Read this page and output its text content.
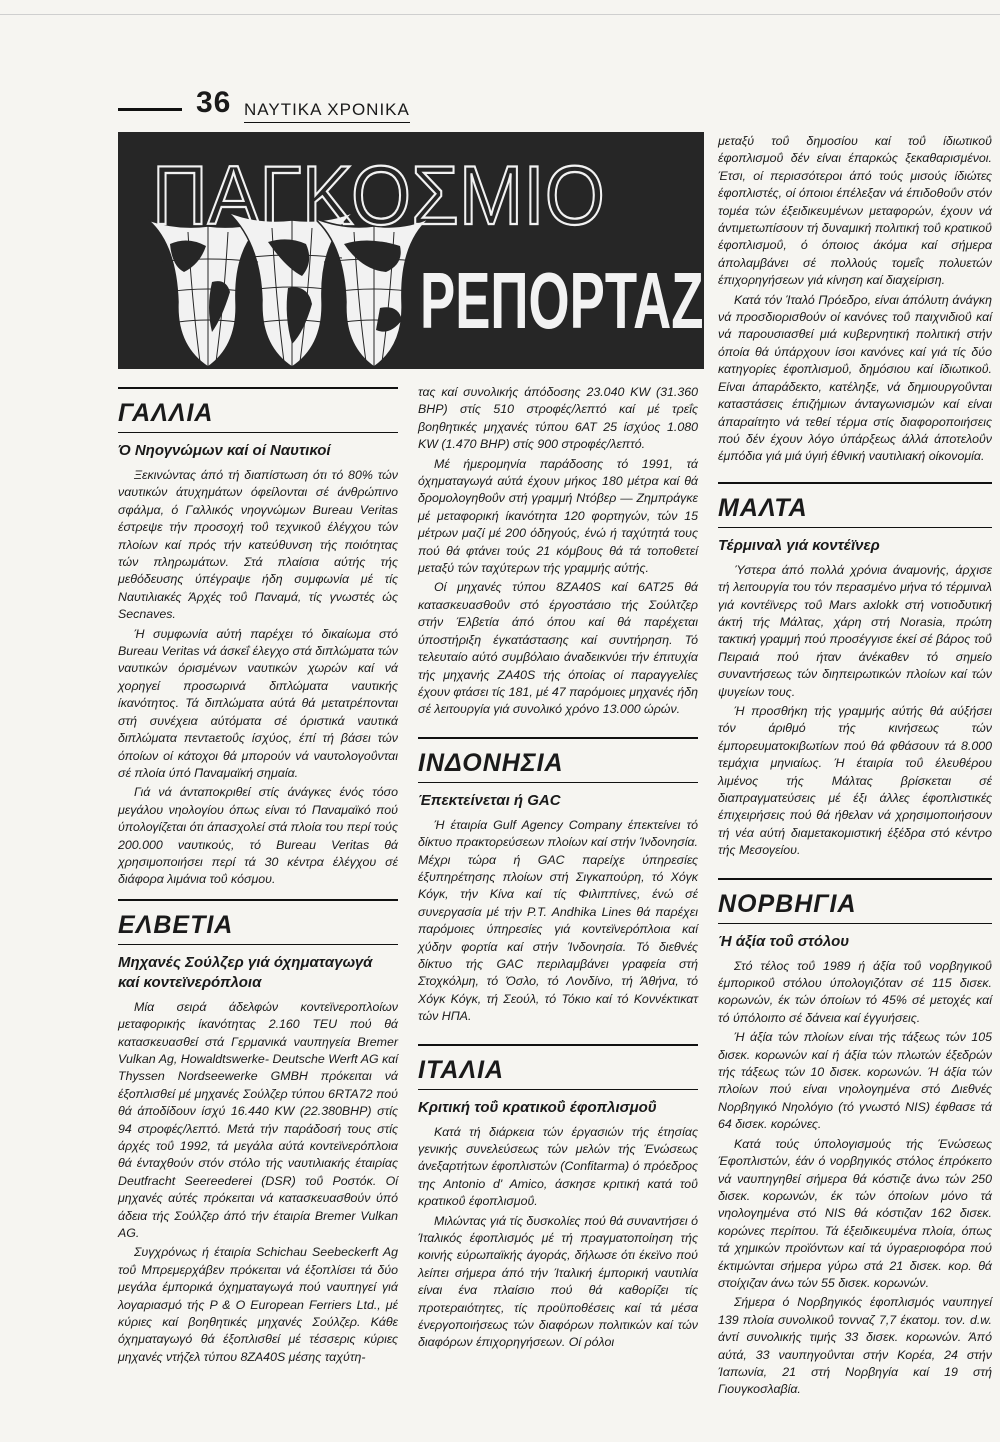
36 ΝΑΥΤΙΚΑ ΧΡΟΝΙΚΑ
ΠΑΓΚΟΣΜΙΟ
ΡΕΠΟΡΤΑΖ
ΓΑΛΛΙΑ
Ό Νηογνώμων καί οί Ναυτικοί

Ξεκινώντας άπό τή διαπίστωση ότι τό 80% τών ναυτικών άτυχημάτων όφείλονται σέ άνθρώπινο σφάλμα, ό Γαλλικός νηογνώμων Bureau Veritas έστρεψε τήν προσοχή τοΰ τεχνικοΰ έλέγχου τών πλοίων καί πρός τήν κατεύθυνση τής ποιότητας τών πληρωμάτων. Στά πλαίσια αύτής τής μεθόδευσης ύπέγραψε ήδη συμφωνία μέ τίς Ναυτιλιακές Άρχές τοΰ Παναμά, τίς γνωστές ώς Secnaves.

Ή συμφωνία αύτή παρέχει τό δικαίωμα στό Bureau Veritas νά άσκεΐ έλεγχο στά διπλώματα τών ναυτικών όρισμένων ναυτικών χωρών καί νά χορηγεί προσωρινά διπλώματα ναυτικής ίκανότητος. Τά διπλώματα αύτά θά μετατρέπονται στή συνέχεια αύτόματα σέ όριστικά ναυτικά διπλώματα πεντaετοΰς ίσχύος, έπί τή βάσει τών όποίων οί κάτοχοι θά μπορούν νά ναυτολογοΰνται σέ πλοία ύπό Παναμαϊκή σημαία.

Γιά νά άνταποκριθεί στίς άνάγκες ένός τόσο μεγάλου νηολογίου όπως είναι τό Παναμαϊκό πού ύπολογίζεται ότι άπασχολεί στά πλοία του περί τούς 200.000 ναυτικούς, τό Bureau Veritas θά χρησιμοποιήσει περί τά 30 κέντρα έλέγχου σέ διάφορα λιμάνια τοΰ κόσμου.

ΕΛΒΕΤΙΑ
Μηχανές Σούλζερ γιά όχηματαγωγά καί κοντεϊνερόπλοια

Μία σειρά άδελφών κοντεϊνερoπλoίων μεταφορικής ίκανότητας 2.160 TEU πού θά κατασκευασθεί στά Γερμανικά ναυπηγεία Bremer Vulkan Ag, Howaldtswerke- Deutsche Werft AG καί Thyssen Nordseewerke GMBH πρόκειται νά έξοπλισθεί μέ μηχανές Σούλζερ τύπου 6RTA72 πού θά άποδίδουν ίσχύ 16.440 KW (22.380BHP) στίς 94 στροφές/λεπτό. Μετά τήν παράδοσή τους στίς άρχές τοΰ 1992, τά μεγάλα αύτά κοντεϊνερόπλοια θά ένταχθούν στόν στόλο τής ναυτιλιακής έταιρίας Deutfracht Seereederei (DSR) τοΰ Ροστόκ. Οί μηχανές αύτές πρόκειται νά κατασκευασθούν ύπό άδεια τής Σούλζερ άπό τήν έταιρία Bremer Vulkan AG.

Συγχρόνως ή έταιρία Schichau Seebeckerft Ag τοΰ Μπρεμερχάβεν πρόκειται νά έξοπλίσει τά δύο μεγάλα έμπορικά όχηματαγωγά πού ναυπηγεί γιά λογαριασμό τής P & O European Ferriers Ltd., μέ κύριες καί βοηθητικές μηχανές Σούλζερ. Κάθε όχηματαγωγό θά έξοπλισθεί μέ τέσσερις κύριες μηχανές ντήζελ τύπου 8ZA40S μέσης ταχύτη-

τας καί συνολικής άπόδοσης 23.040 KW (31.360 BHP) στίς 510 στροφές/λεπτό καί μέ τρεΐς βοηθητικές μηχανές τύπου 6AT 25 ίσχύος 1.080 KW (1.470 BHP) στίς 900 στροφές/λεπτό.

Μέ ήμερομηνία παράδοσης τό 1991, τά όχηματαγωγά αύτά έχουν μήκος 180 μέτρα καί θά δρομολογηθοΰν στή γραμμή Ντόβερ — Ζημπράγκε μέ μεταφορική ίκανότητα 120 φορτηγών, τών 15 μέτρων μαζί μέ 200 όδηγούς, ένώ ή ταχύτητά τους πού θά φτάνει τούς 21 κόμβους θά τά τοποθετεί μεταξύ τών ταχύτερων τής γραμμής αύτής.

Οί μηχανές τύπου 8ZA40S καί 6AT25 θά κατασκευασθοΰν στό έργοστάσιο τής Σούλτζερ στήν Έλβετία άπό όπου καί θά παρέχεται ύποστήριξη έγκατάστασης καί συντήρηση. Τό τελευταίο αύτό συμβόλαιο άναδεικνύει τήν έπιτυχία τής μηχανής ZA40S τής όποίας οί παραγγελίες έχουν φτάσει τίς 181, μέ 47 παρόμοιες μηχανές ήδη σέ λειτουργία γιά συνολικό χρόνο 13.000 ώρών.

ΙΝΔΟΝΗΣΙΑ
Έπεκτείνεται ή GAC

Ή έταιρία Gulf Agency Company έπεκτείνει τό δίκτυο πρακτορεύσεων πλοίων καί στήν Ίνδονησία. Μέχρι τώρα ή GAC παρείχε ύπηρεσίες έξυπηρέτησης πλοίων στή Σιγκαπούρη, τό Χόγκ Κόγκ, τήν Κίνα καί τίς Φιλιππίνες, ένώ σέ συνεργασία μέ τήν P.T. Andhika Lines θά παρέχει παρόμοιες ύπηρεσίες γιά κοντεϊνερόπλοια καί χύδην φορτία καί στήν Ίνδονησία. Τό διεθνές δίκτυο τής GAC περιλαμβάνει γραφεία στή Στοχκόλμη, τό Όσλο, τό Λονδίνο, τή Άθήνα, τό Χόγκ Κόγκ, τή Σεούλ, τό Τόκιο καί τό Κοννέκτικατ τών ΗΠΑ.

ΙΤΑΛΙΑ
Κριτική τοΰ κρατικοΰ έφοπλισμοΰ

Κατά τή διάρκεια τών έργασιών τής έτησίας γενικής συνελεύσεως τών μελών τής Ένώσεως άνεξαρτήτων έφοπλιστών (Confitarma) ό πρόεδρος της Antonio d' Amico, άσκησε κριτική κατά τοΰ κρατικοΰ έφοπλισμοΰ.

Μιλώντας γιά τίς δυσκολίες πού θά συναντήσει ό Ίταλικός έφοπλισμός μέ τή πραγματοποίηση τής κοινής εύρωπαϊκής άγοράς, δήλωσε ότι έκεϊνο πού λείπει σήμερα άπό τήν Ίταλική έμπορική ναυτιλία είναι ένα πλαίσιο πού θά καθορίζει τίς προτεραιότητες, τίς προϋποθέσεις καί τά μέσα ένεργοποιήσεως τών διαφόρων πολιτικών καί τών διαφόρων έπιχορηγήσεων. Οί ρόλοι

μεταξύ τοΰ δημοσίου καί τοΰ ίδιωτικοΰ έφοπλισμοΰ δέν είναι έπαρκώς ξεκαθαρισμένοι. Έτσι, οί περισσότεροι άπό τούς μισούς ίδιώτες έφοπλιστές, οί όποιοι έπέλεξαν νά έπιδοθοΰν στόν τομέα τών έξειδικευμένων μεταφορών, έχουν νά άντιμετωπίσουν τή δυναμική πολιτική τοΰ κρατικοΰ έφοπλισμοΰ, ό όποιος άκόμα καί σήμερα άπολαμβάνει σέ πολλούς τομεΐς πολυετών έπιχορηγήσεων γιά κίνηση καί διαχείριση.

Κατά τόν Ίταλό Πρόεδρο, είναι άπόλυτη άνάγκη νά προσδιορισθούν οί κανόνες τοΰ παιχνιδιοΰ καί νά παρουσιασθεί μιά κυβερνητική πολιτική στήν όποία θά ύπάρχουν ίσοι κανόνες καί γιά τίς δύο κατηγορίες έφοπλισμοΰ, δημόσιου καί ίδιωτικοΰ. Είναι άπαράδεκτο, κατέληξε, νά δημιουργοΰνται καταστάσεις έπιζήμιων άνταγωνισμών καί είναι άπαραίτητο νά τεθεί τέρμα στίς διαφοροποιήσεις πού δέν έχουν λόγο ύπάρξεως άλλά άποτελοΰν έμπόδια γιά μιά ύγιή έθνική ναυτιλιακή οίκονομία.

ΜΑΛΤΑ
Τέρμιναλ γιά κοντέϊνερ

Ύστερα άπό πολλά χρόνια άναμονής, άρχισε τή λειτουργία του τόν περασμένο μήνα τό τέρμιναλ γιά κοντέϊνερς τοΰ Mars axlokk στή νοτιοδυτική άκτή τής Μάλτας, χάρη στή Norasia, πρώτη τακτική γραμμή πού προσέγγισε έκεί σέ βάρος τοΰ Πειραιά πού ήταν άνέκαθεν τό σημείο συναντήσεως τών διηπειρωτικών πλοίων καί τών ψυγείων τους.

Ή προσθήκη τής γραμμής αύτής θά αύξήσει τόν άριθμό τής κινήσεως τών έμπορευματοκιβωτίων πού θά φθάσουν τά 8.000 τεμάχια μηνιαίως. Ή έταιρία τοΰ έλευθέρου λιμένος τής Μάλτας βρίσκεται σέ διαπραγματεύσεις μέ έξι άλλες έφοπλιστικές έπιχειρήσεις πού θά ήθελαν νά χρησιμοποιήσουν τή νέα αύτή διαμετακομιστική έξέδρα στό κέντρο τής Μεσογείου.

ΝΟΡΒΗΓΙΑ
Ή άξία τοΰ στόλου

Στό τέλος τοΰ 1989 ή άξία τοΰ νορβηγικοΰ έμπορικοΰ στόλου ύπολογιζόταν σέ 115 δισεκ. κορωνών, έκ τών όποίων τό 45% σέ μετοχές καί τό ύπόλοιπο σέ δάνεια καί έγγυήσεις.

Ή άξία τών πλοίων είναι τής τάξεως τών 105 δισεκ. κορωνών καί ή άξία τών πλωτών έξεδρών τής τάξεως τών 10 δισεκ. κορωνών. Ή άξία τών πλοίων πού είναι νηολογημένα στό Διεθνές Νορβηγικό Νηολόγιο (τό γνωστό NIS) έφθασε τά 64 δισεκ. κορώνες.

Κατά τούς ύπολογισμούς τής Ένώσεως Έφοπλιστών, έάν ό νορβηγικός στόλος έπρόκειτο νά ναυπηγηθεί σήμερα θά κόστιζε άνω τών 250 δισεκ. κορωνών, έκ τών όποίων μόνο τά νηολογημένα στό NIS θά κόστιζαν 162 δισεκ. κορώνες περίπου. Τά έξειδικευμένα πλοία, όπως τά χημικών προϊόντων καί τά ύγραεριοφόρα πού έκτιμώνται σήμερα γύρω στά 21 δισεκ. κορ. θά στοίχιζαν άνω τών 55 δισεκ. κορωνών.

Σήμερα ό Νορβηγικός έφοπλισμός ναυπηγεί 139 πλοία συνολικοΰ τονναζ 7,7 έκατομ. τον. d.w. άντί συνολικής τιμής 33 δισεκ. κορωνών. Άπό αύτά, 33 ναυπηγοΰνται στήν Κορέα, 24 στήν Ίαπωνία, 21 στή Νορβηγία καί 19 στή Γιουγκοσλαβία.
